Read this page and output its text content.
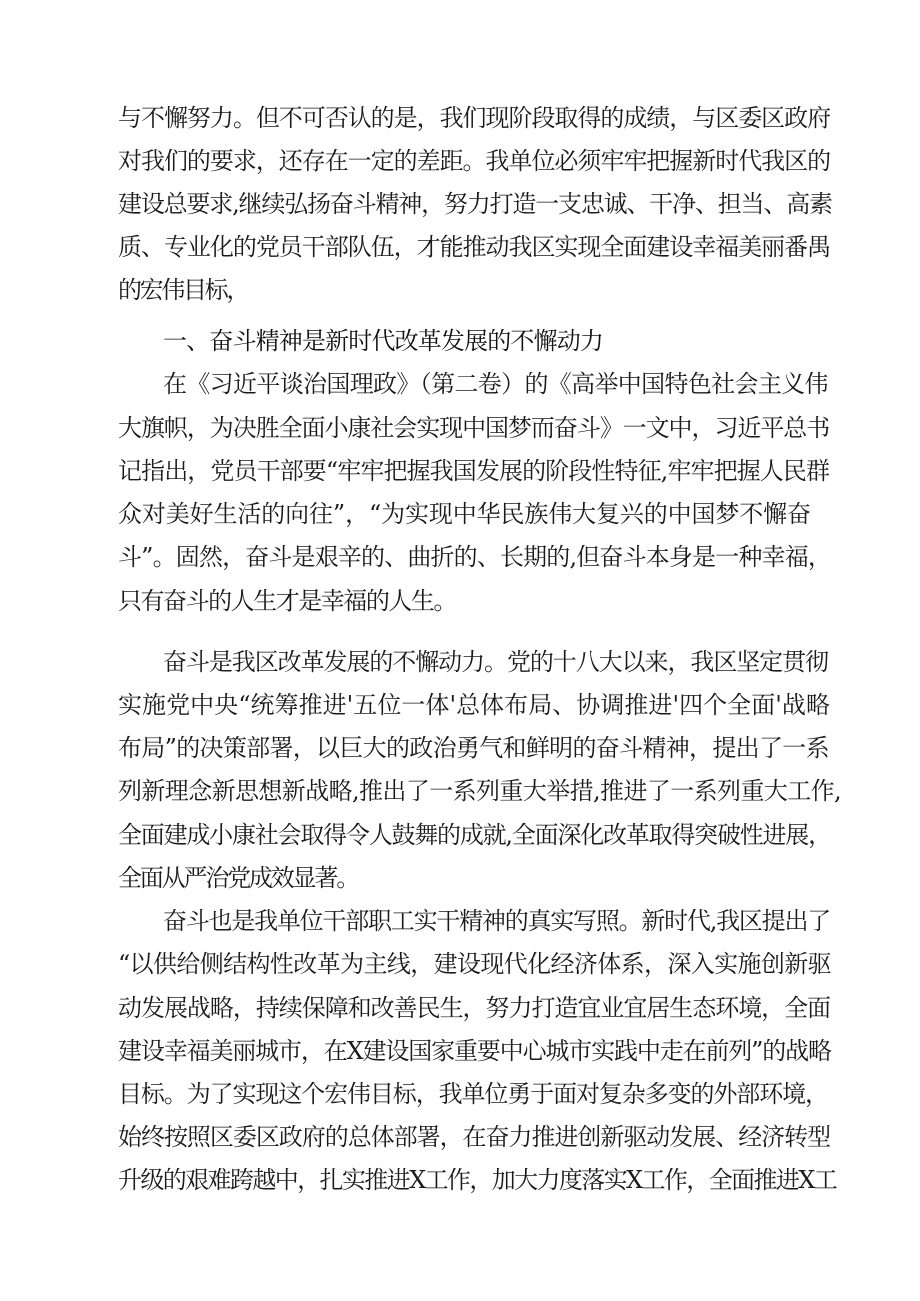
与不懈努力。但不可否认的是，我们现阶段取得的成绩，与区委区政府
对我们的要求，还存在一定的差距。我单位必须牢牢把握新时代我区的
建设总要求,继续弘扬奋斗精神，努力打造一支忠诚、干净、担当、高素
质、专业化的党员干部队伍，才能推动我区实现全面建设幸福美丽番禺
的宏伟目标，
一、奋斗精神是新时代改革发展的不懈动力
在《习近平谈治国理政》（第二卷）的《高举中国特色社会主义伟
大旗帜，为决胜全面小康社会实现中国梦而奋斗》一文中，习近平总书
记指出，党员干部要“牢牢把握我国发展的阶段性特征,牢牢把握人民群
众对美好生活的向往”，“为实现中华民族伟大复兴的中国梦不懈奋
斗”。固然，奋斗是艰辛的、曲折的、长期的,但奋斗本身是一种幸福，
只有奋斗的人生才是幸福的人生。
奋斗是我区改革发展的不懈动力。党的十八大以来，我区坚定贯彻
实施党中央“统筹推进'五位一体'总体布局、协调推进'四个全面'战略
布局”的决策部署，以巨大的政治勇气和鲜明的奋斗精神，提出了一系
列新理念新思想新战略,推出了一系列重大举措,推进了一系列重大工作,
全面建成小康社会取得令人鼓舞的成就,全面深化改革取得突破性进展，
全面从严治党成效显著。
奋斗也是我单位干部职工实干精神的真实写照。新时代,我区提出了
“以供给侧结构性改革为主线，建设现代化经济体系，深入实施创新驱
动发展战略，持续保障和改善民生，努力打造宜业宜居生态环境，全面
建设幸福美丽城市，在X建设国家重要中心城市实践中走在前列”的战略
目标。为了实现这个宏伟目标，我单位勇于面对复杂多变的外部环境，
始终按照区委区政府的总体部署，在奋力推进创新驱动发展、经济转型
升级的艰难跨越中，扎实推进X工作，加大力度落实X工作，全面推进X工
